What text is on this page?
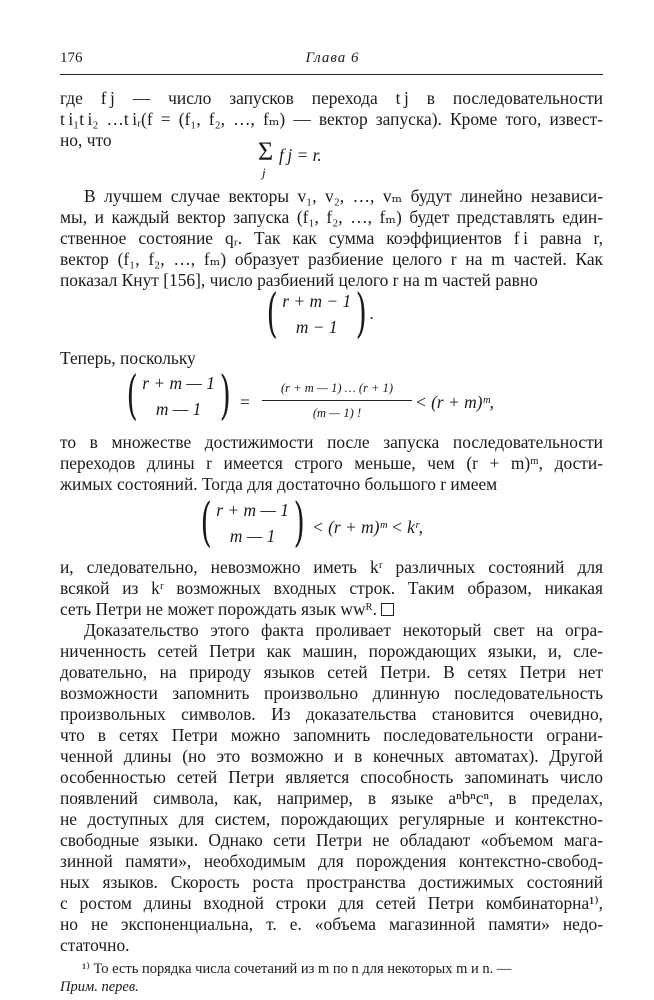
176	Глава 6
где f j — число запусков перехода t j в последовательности
t i₁t i₂ …t iᵣ(f = (f₁, f₂, …, fₘ) — вектор запуска). Кроме того, извест-
но, что	Σ
j
f j = r.
В лучшем случае векторы v₁, v₂, …, vₘ будут линейно независи-
мы, и каждый вектор запуска (f₁, f₂, …, fₘ) будет представлять един-
ственное состояние qᵣ. Так как сумма коэффициентов f i равна r,
вектор (f₁, f₂, …, fₘ) образует разбиение целого r на m частей. Как
показал Кнут [156], число разбиений целого r на m частей равно
( r + m − 1
m − 1 ) .
Теперь, поскольку
( r + m — 1
m — 1 ) =
(r + m — 1) … (r + 1)
(m — 1) !
< (r + m)ᵐ,
то в множестве достижимости после запуска последовательности
переходов длины r имеется строго меньше, чем (r + m)ᵐ, дости-
жимых состояний. Тогда для достаточно большого r имеем
( r + m — 1
m — 1 ) < (r + m)ᵐ < kʳ,
и, следовательно, невозможно иметь kʳ различных состояний для
всякой из kʳ возможных входных строк. Таким образом, никакая
сеть Петри не может порождать язык wwᴿ.
Доказательство этого факта проливает некоторый свет на огра-
ниченность сетей Петри как машин, порождающих языки, и, сле-
довательно, на природу языков сетей Петри. В сетях Петри нет
возможности запомнить произвольно длинную последовательность
произвольных символов. Из доказательства становится очевидно,
что в сетях Петри можно запомнить последовательности ограни-
ченной длины (но это возможно и в конечных автоматах). Другой
особенностью сетей Петри является способность запоминать число
появлений символа, как, например, в языке aⁿbⁿcⁿ, в пределах,
не доступных для систем, порождающих регулярные и контекстно-
свободные языки. Однако сети Петри не обладают «объемом мага-
зинной памяти», необходимым для порождения контекстно-свобод-
ных языков. Скорость роста пространства достижимых состояний
с ростом длины входной строки для сетей Петри комбинаторна¹⁾,
но не экспоненциальна, т. е. «объема магазинной памяти» недо-
статочно.
¹⁾ То есть порядка числа сочетаний из m по n для некоторых m и n. —
Прим. перев.
